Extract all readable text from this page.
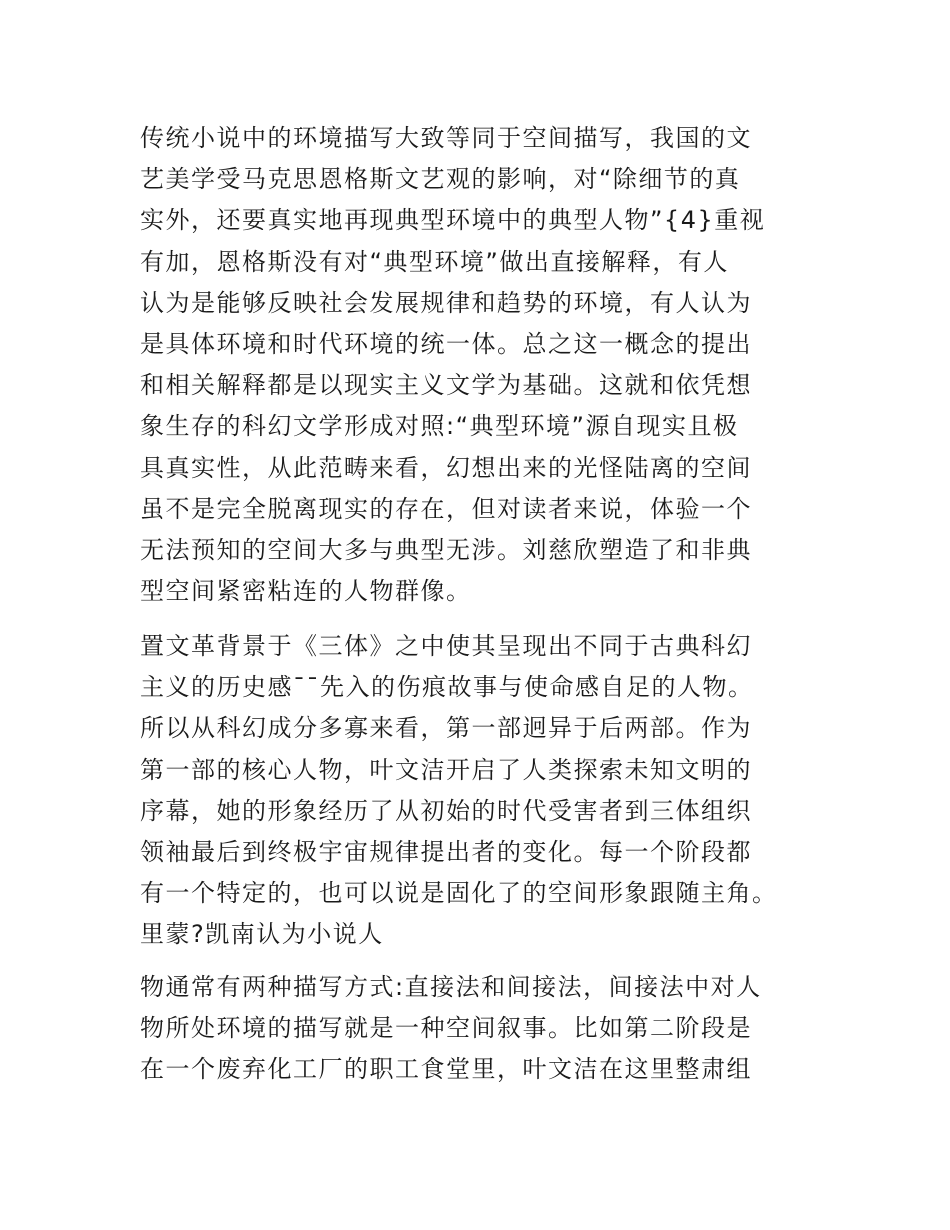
传统小说中的环境描写大致等同于空间描写，我国的文
艺美学受马克思恩格斯文艺观的影响，对“除细节的真
实外，还要真实地再现典型环境中的典型人物”{4}重视
有加，恩格斯没有对“典型环境”做出直接解释，有人
认为是能够反映社会发展规律和趋势的环境，有人认为
是具体环境和时代环境的统一体。总之这一概念的提出
和相关解释都是以现实主义文学为基础。这就和依凭想
象生存的科幻文学形成对照:“典型环境”源自现实且极
具真实性，从此范畴来看，幻想出来的光怪陆离的空间
虽不是完全脱离现实的存在，但对读者来说，体验一个
无法预知的空间大多与典型无涉。刘慈欣塑造了和非典
型空间紧密粘连的人物群像。

置文革背景于《三体》之中使其呈现出不同于古典科幻
主义的历史感¯¯先入的伤痕故事与使命感自足的人物。
所以从科幻成分多寡来看，第一部迥异于后两部。作为
第一部的核心人物，叶文洁开启了人类探索未知文明的
序幕，她的形象经历了从初始的时代受害者到三体组织
领袖最后到终极宇宙规律提出者的变化。每一个阶段都
有一个特定的，也可以说是固化了的空间形象跟随主角。
里蒙?凯南认为小说人

物通常有两种描写方式:直接法和间接法，间接法中对人
物所处环境的描写就是一种空间叙事。比如第二阶段是
在一个废弃化工厂的职工食堂里，叶文洁在这里整肃组
